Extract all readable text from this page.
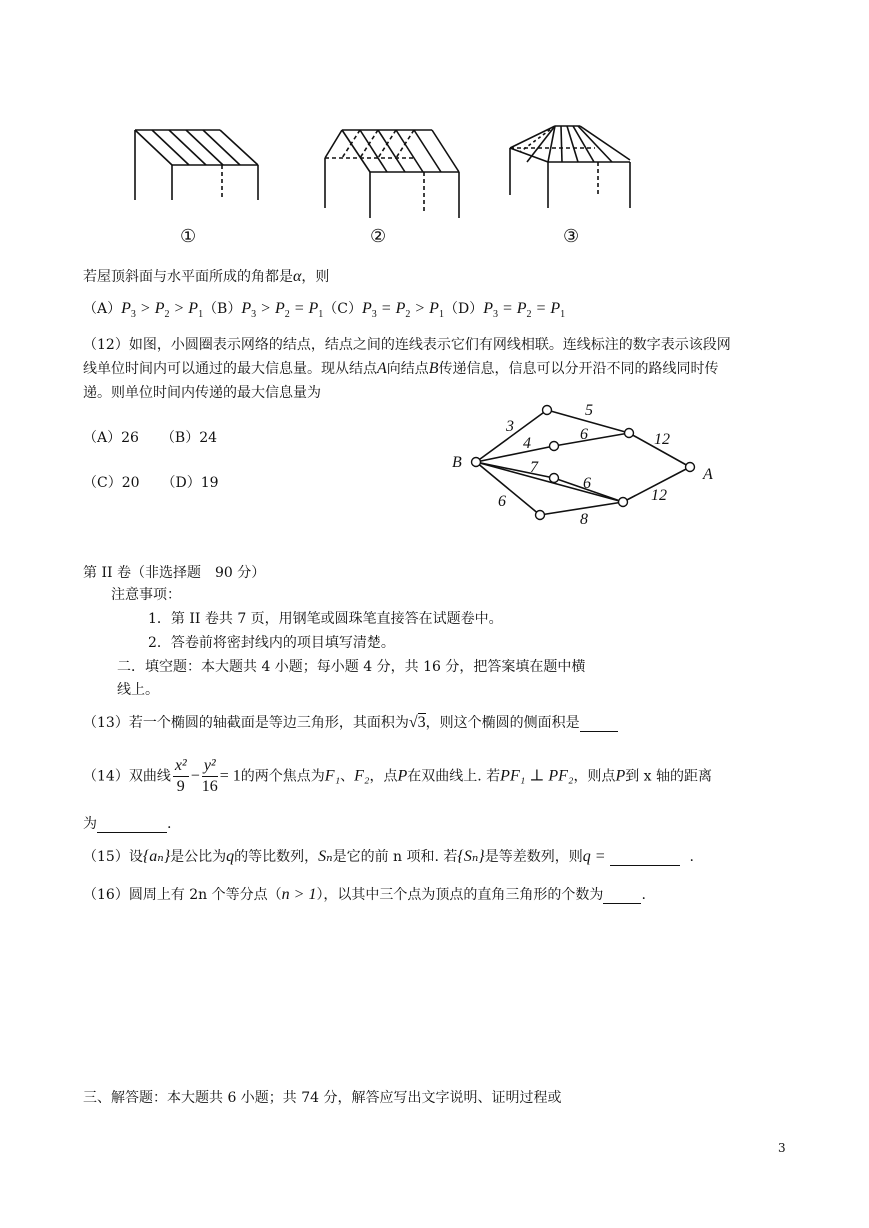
①	②	③
若屋顶斜面与水平面所成的角都是α，则
$(A)P_3 > P_2 > P_1(B)P_3 > P_2 = P_1(C)P_3 = P_2 > P_1(D)P_3 = P_2 = P_1$
（12）如图，小圆圈表示网络的结点，结点之间的连线表示它们有网线相联。连线标注的数字表示该段网
线单位时间内可以通过的最大信息量。现从结点A向结点B传递信息，信息可以分开沿不同的路线同时传
递。则单位时间内传递的最大信息量为
（A）26 （B）24
（C）20 （D）19
B
A
3
5
4
6	12
7
6
12
6
8
第 II 卷（非选择题　90 分）
注意事项：
1．第 II 卷共 7 页，用钢笔或圆珠笔直接答在试题卷中。
2．答卷前将密封线内的项目填写清楚。
二．填空题：本大题共 4 小题；每小题 4 分，共 16 分，把答案填在题中横
线上。
（13）若一个椭圆的轴截面是等边三角形，其面积为√3，则这个椭圆的侧面积是
（14）双曲线 $\frac{\text{x²}}{9} - \frac{\text{y²}}{16} = 1$的两个焦点为F₁、F₂，点P在双曲线上. 若PF₁ ⊥ PF₂，则点P到 x 轴的距离
为	.
（15）设{aₙ}是公比为q的等比数列，Sₙ是它的前 n 项和. 若{Sₙ}是等差数列，则q =	.
（16）圆周上有 2n 个等分点（n > 1），以其中三个点为顶点的直角三角形的个数为	.
三、解答题：本大题共 6 小题；共 74 分，解答应写出文字说明、证明过程或
3
